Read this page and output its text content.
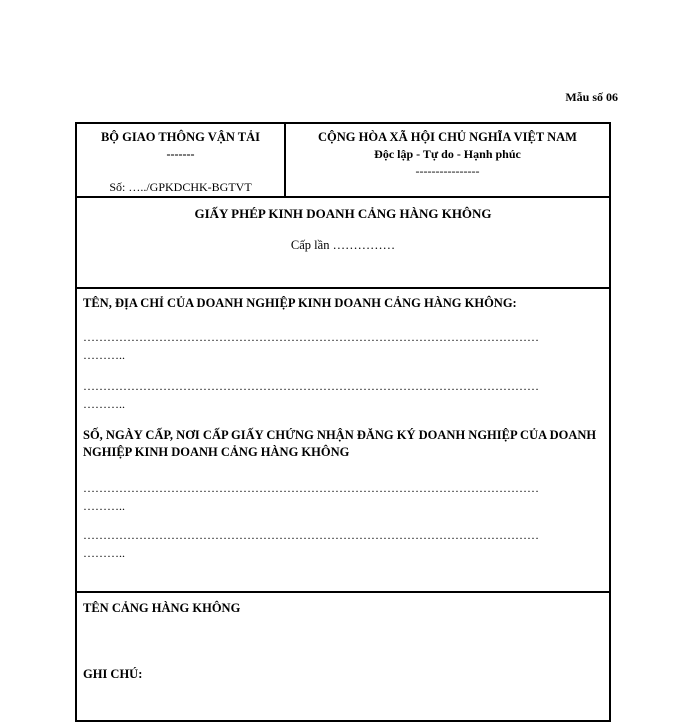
Mẫu số 06
BỘ GIAO THÔNG VẬN TẢI
-------
Số: …../GPKDCHK-BGTVT
CỘNG HÒA XÃ HỘI CHỦ NGHĨA VIỆT NAM
Độc lập - Tự do - Hạnh phúc
----------------
GIẤY PHÉP KINH DOANH CẢNG HÀNG KHÔNG
Cấp lần ……………
TÊN, ĐỊA CHỈ CỦA DOANH NGHIỆP KINH DOANH CẢNG HÀNG KHÔNG:
……………………………………………………………………………………………………
………..
……………………………………………………………………………………………………
………..
SỐ, NGÀY CẤP, NƠI CẤP GIẤY CHỨNG NHẬN ĐĂNG KÝ DOANH NGHIỆP CỦA DOANH NGHIỆP KINH DOANH CẢNG HÀNG KHÔNG
……………………………………………………………………………………………………
………..
……………………………………………………………………………………………………
………..
TÊN CẢNG HÀNG KHÔNG
GHI CHÚ:
